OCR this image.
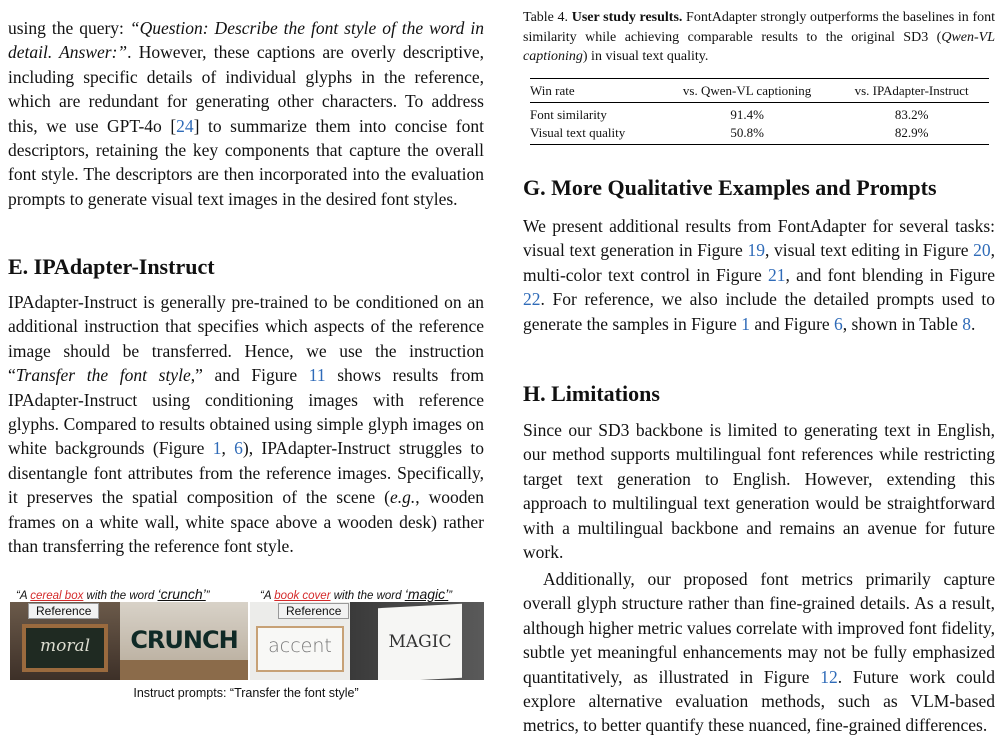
using the query: “Question: Describe the font style of the word in detail. Answer:”. However, these captions are overly descriptive, including specific details of individual glyphs in the reference, which are redundant for generating other characters. To address this, we use GPT-4o [24] to summarize them into concise font descriptors, retaining the key components that capture the overall font style. The descriptors are then incorporated into the evaluation prompts to generate visual text images in the desired font styles.

E. IPAdapter-Instruct

IPAdapter-Instruct is generally pre-trained to be conditioned on an additional instruction that specifies which aspects of the reference image should be transferred. Hence, we use the instruction “Transfer the font style,” and Figure 11 shows results from IPAdapter-Instruct using conditioning images with reference glyphs. Compared to results obtained using simple glyph images on white backgrounds (Figure 1, 6), IPAdapter-Instruct struggles to disentangle font attributes from the reference images. Specifically, it preserves the spatial composition of the scene (e.g., wooden frames on a white wall, white space above a wooden desk) rather than transferring the reference font style.

“A cereal box with the word ‘crunch’”	“A book cover with the word ‘magic’”
moral	CRUNCH
Reference
accent	MAGIC
Reference
Instruct prompts: “Transfer the font style”
Table 4. User study results. FontAdapter strongly outperforms the baselines in font similarity while achieving comparable results to the original SD3 (Qwen-VL captioning) in visual text quality.
Win rate	vs. Qwen-VL captioning	vs. IPAdapter-Instruct
Font similarity	91.4%	83.2%
Visual text quality	50.8%	82.9%
G. More Qualitative Examples and Prompts

We present additional results from FontAdapter for several tasks: visual text generation in Figure 19, visual text editing in Figure 20, multi-color text control in Figure 21, and font blending in Figure 22. For reference, we also include the detailed prompts used to generate the samples in Figure 1 and Figure 6, shown in Table 8.

H. Limitations

Since our SD3 backbone is limited to generating text in English, our method supports multilingual font references while restricting target text generation to English. However, extending this approach to multilingual text generation would be straightforward with a multilingual backbone and remains an avenue for future work.

Additionally, our proposed font metrics primarily capture overall glyph structure rather than fine-grained details. As a result, although higher metric values correlate with improved font fidelity, subtle yet meaningful enhancements may not be fully emphasized quantitatively, as illustrated in Figure 12. Future work could explore alternative evaluation methods, such as VLM-based metrics, to better quantify these nuanced, fine-grained differences.
